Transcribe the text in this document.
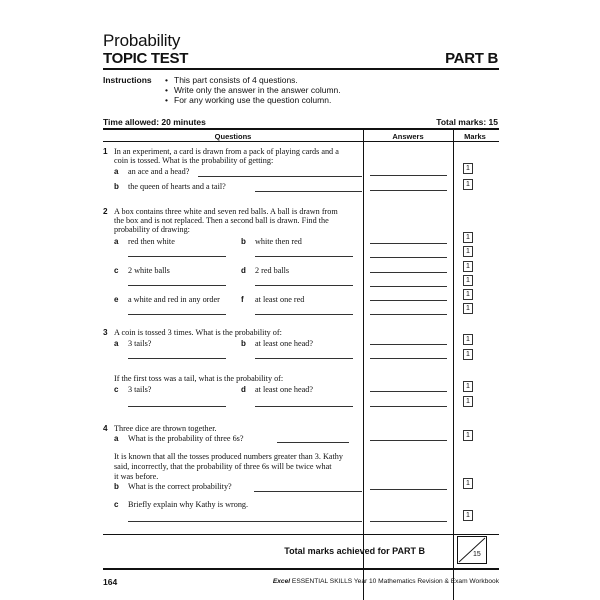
Probability
TOPIC TEST	PART B
Instructions
•	This part consists of 4 questions.
• Write only the answer in the answer column.
• For any working use the question column.
Time allowed: 20 minutes	Total marks: 15
Questions	Answers	Marks
1 In an experiment, a card is drawn from a pack of playing cards and a
coin is tossed. What is the probability of getting:
a an ace and a head?
b the queen of hearts and a tail?
1
1
2 A box contains three white and seven red balls. A ball is drawn from
the box and is not replaced. Then a second ball is drawn. Find the
probability of drawing:
a red then white	b white then red
c 2 white balls	d 2 red balls
e a white and red in any order	f at least one red
1
1
1
1
1
1
3 A coin is tossed 3 times. What is the probability of:
a 3 tails?	b at least one head?
If the first toss was a tail, what is the probability of:
c 3 tails?	d at least one head?
1
1
1
1
4 Three dice are thrown together.
a What is the probability of three 6s?
It is known that all the tosses produced numbers greater than 3. Kathy
said, incorrectly, that the probability of three 6s will be twice what
it was before.
b What is the correct probability?
c Briefly explain why Kathy is wrong.
1
1
1
Total marks achieved for PART B	15
164	Excel ESSENTIAL SKILLS Year 10 Mathematics Revision & Exam Workbook
